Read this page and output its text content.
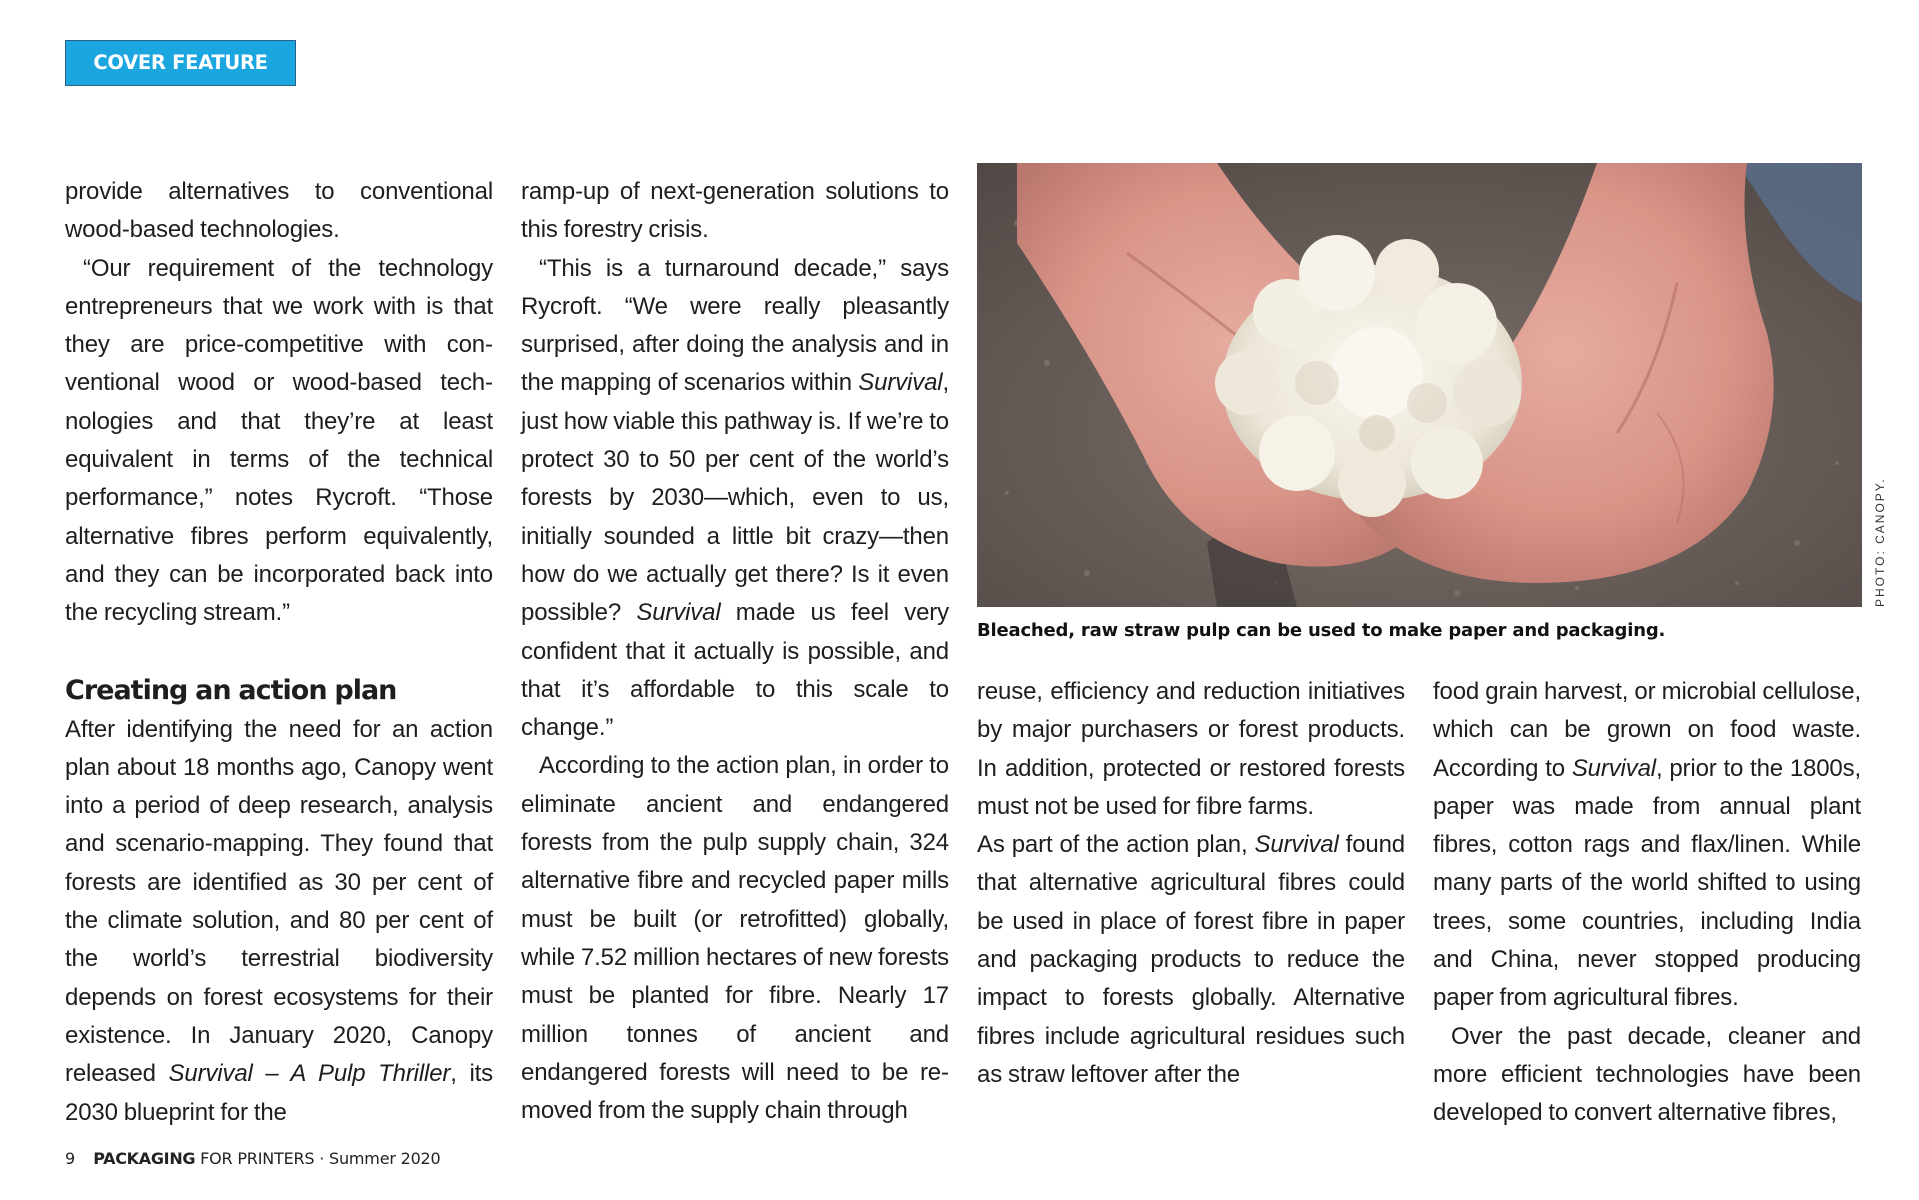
COVER FEATURE

provide alternatives to conventional wood-based technologies.

“Our requirement of the technology entrepreneurs that we work with is that they are price-competitive with conventional wood or wood-based technologies and that they’re at least equivalent in terms of the technical performance,” notes Rycroft. “Those alternative fibres perform equivalently, and they can be incorporated back into the recycling stream.”

Creating an action plan

After identifying the need for an action plan about 18 months ago, Canopy went into a period of deep research, analysis and scenario-mapping. They found that forests are identified as 30 per cent of the climate solution, and 80 per cent of the world’s terrestrial biodiversity depends on forest ecosystems for their existence. In January 2020, Canopy released Survival – A Pulp Thriller, its 2030 blueprint for the

ramp-up of next-generation solutions to this forestry crisis.

“This is a turnaround decade,” says Rycroft. “We were really pleasantly surprised, after doing the analysis and in the mapping of scenarios within Survival, just how viable this pathway is. If we’re to protect 30 to 50 per cent of the world’s forests by 2030—which, even to us, initially sounded a little bit crazy—then how do we actually get there? Is it even possible? Survival made us feel very confident that it actually is possible, and that it’s affordable to this scale to change.”

According to the action plan, in order to eliminate ancient and endangered forests from the pulp supply chain, 324 alternative fibre and recycled paper mills must be built (or retrofitted) globally, while 7.52 million hectares of new forests must be planted for fibre. Nearly 17 million tonnes of ancient and endangered forests will need to be removed from the supply chain through

PHOTO: CANOPY.
Bleached, raw straw pulp can be used to make paper and packaging.

reuse, efficiency and reduction initiatives by major purchasers or forest products. In addition, protected or restored forests must not be used for fibre farms.

As part of the action plan, Survival found that alternative agricultural fibres could be used in place of forest fibre in paper and packaging products to reduce the impact to forests globally. Alternative fibres include agricultural residues such as straw leftover after the

food grain harvest, or microbial cellulose, which can be grown on food waste. According to Survival, prior to the 1800s, paper was made from annual plant fibres, cotton rags and flax/linen. While many parts of the world shifted to using trees, some countries, including India and China, never stopped producing paper from agricultural fibres.

Over the past decade, cleaner and more efficient technologies have been developed to convert alternative fibres,

9 PACKAGING FOR PRINTERS · Summer 2020
